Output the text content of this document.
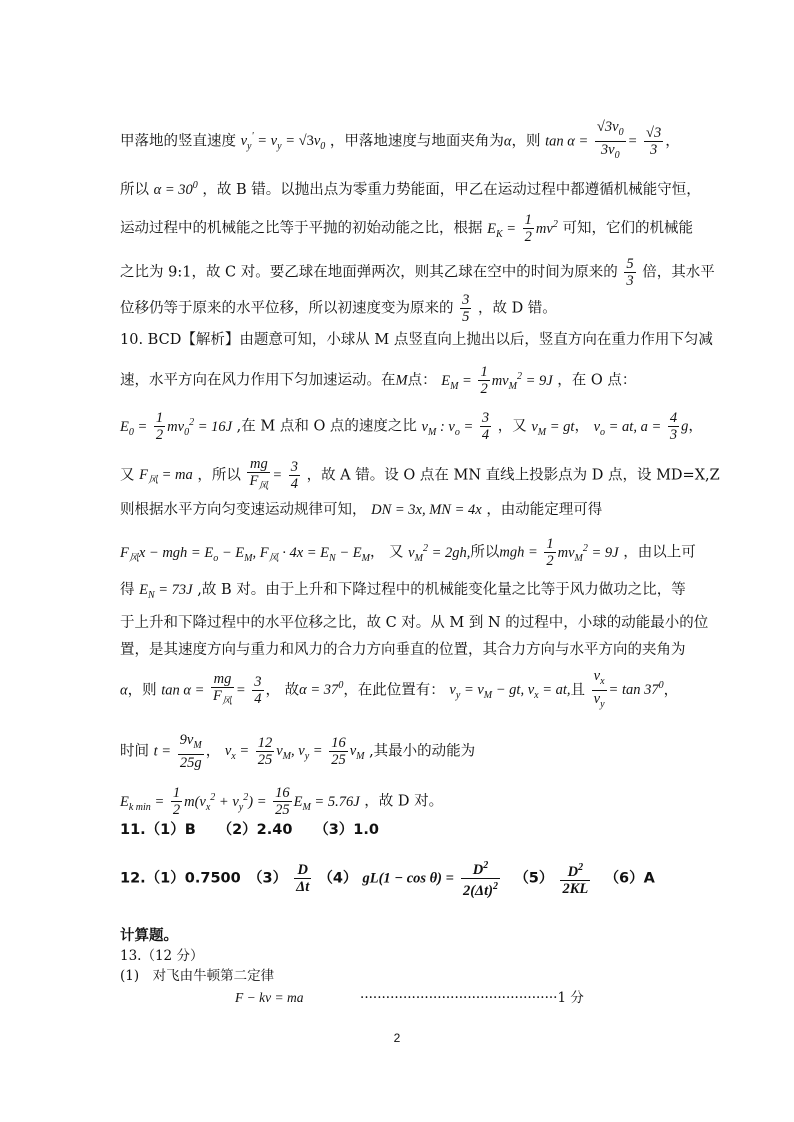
甲落地的竖直速度 $v_y' = v_y = √3v_0$ ，甲落地速度与地面夹角为α，则 $\tan \alpha = \frac{√3v_0}{3v_0} = \frac{√3}{3}$ ，
所以 $\alpha = 30^0$ ，故 B 错。以抛出点为零重力势能面，甲乙在运动过程中都遵循机械能守恒，
运动过程中的机械能之比等于平抛的初始动能之比，根据 $E_K = \frac{1}{2} mv^2$ 可知，它们的机械能
之比为 9:1，故 C 对。要乙球在地面弹两次，则其乙球在空中的时间为原来的 $\frac{5}{3}$ 倍，其水平
位移仍等于原来的水平位移，所以初速度变为原来的 $\frac{3}{5}$ ，故 D 错。
10. BCD【解析】由题意可知，小球从 M 点竖直向上抛出以后，竖直方向在重力作用下匀减
速，水平方向在风力作用下匀加速运动。在M点： $E_M = \frac{1}{2} mv_M^2 = 9J$ ，在 O 点：
$E_0 = \frac{1}{2} mv_0^2 = 16J$ ,在 M 点和 O 点的速度之比 $v_M$ : $v_o = \frac{3}{4}$ ，又 $v_M$ = gt， $v_o$ = at, $a = \frac{4}{3}$ g，
又 $F_风$ = ma ，所以 $\frac{mg}{F_风} = \frac{3}{4}$ ，故 A 错。设 O 点在 MN 直线上投影点为 D 点，设 MD=X,Z
则根据水平方向匀变速运动规律可知， DN = 3x, MN = 4x ，由动能定理可得
$F_风x$ − mgh = $E_o - E_M$, $F_风 \cdot 4x = E_N - E_M$， 又 $v_M^2 = 2gh$,所以mgh = $\frac{1}{2} mv_M^2 = 9J$ ，由以上可
得 $E_N = 73J$ ,故 B 对。由于上升和下降过程中的机械能变化量之比等于风力做功之比，等
于上升和下降过程中的水平位移之比，故 C 对。从 M 到 N 的过程中，小球的动能最小的位
置，是其速度方向与重力和风力的合力方向垂直的位置，其合力方向与水平方向的夹角为
α，则 $\tan \alpha = \frac{mg}{F_风} = \frac{3}{4}$ ， 故$\alpha = 37^0$，在此位置有： $v_y = v_M$ − gt, $v_x$ = at,且 $\frac{v_x}{v_y} = \tan 37^0$，
时间 $t = \frac{9v_M}{25g}$ ， $v_x = \frac{12}{25} v_M$, $v_y = \frac{16}{25} v_M$ ,其最小的动能为
$E_{k min} = \frac{1}{2} m(v_x^2 + v_y^2) = \frac{16}{25} E_M = 5.76J$ ，故 D 对。
11.（1）B　　（2）2.40　　（3）1.0
12.（1）0.7500　$(3) \frac{D}{\Delta t} (4) gL(1 - \cos \theta) = \frac{D^2}{2(\Delta t)^2}$
　 $(5) \frac{D^2}{2KL}$
　 （6）A
计算题。
13.（12 分）
(1)　对飞由牛顿第二定律
F − kv = ma	··············································1 分
2
